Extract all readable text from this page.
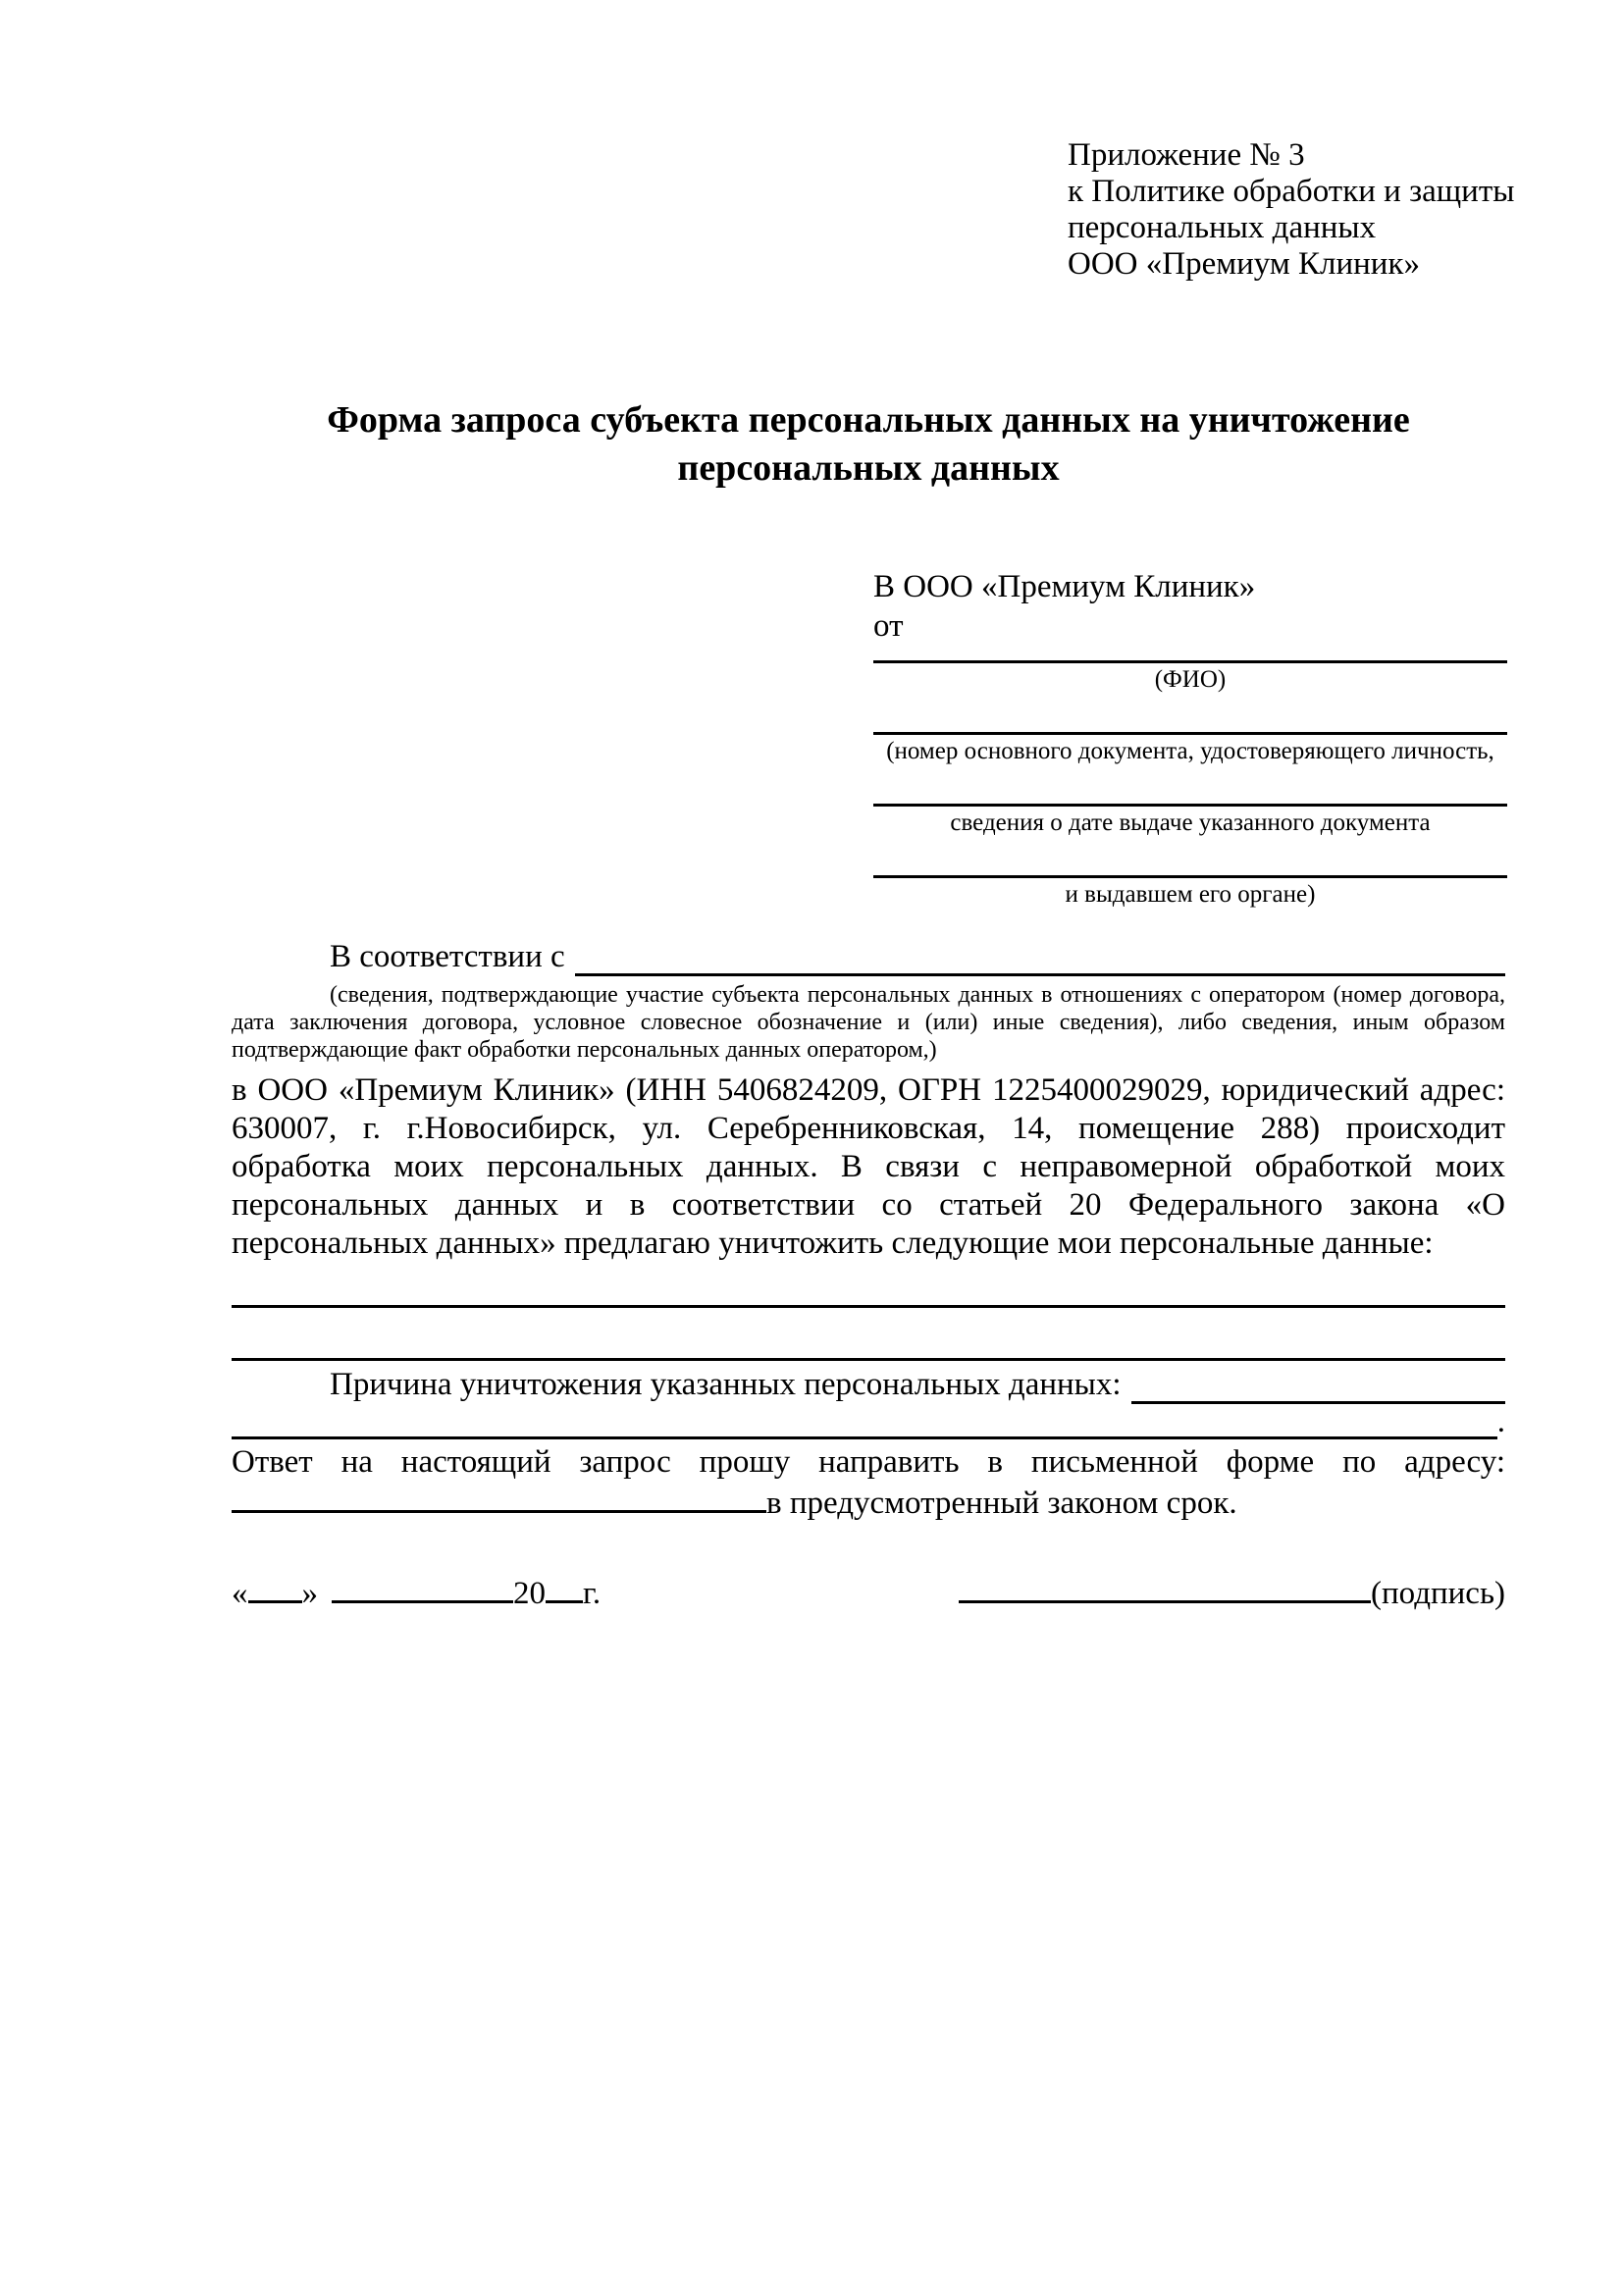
Приложение № 3
к Политике обработки и защиты
персональных данных
ООО «Премиум Клиник»
Форма запроса субъекта персональных данных на уничтожение
персональных данных
В ООО «Премиум Клиник»
от
(ФИО)
(номер основного документа, удостоверяющего личность,
сведения о дате выдаче указанного документа
и выдавшем его органе)
В соответствии с
(сведения, подтверждающие участие субъекта персональных данных в отношениях с оператором (номер договора, дата заключения договора, условное словесное обозначение и (или) иные сведения), либо сведения, иным образом подтверждающие факт обработки персональных данных оператором,)
в ООО «Премиум Клиник» (ИНН 5406824209, ОГРН 1225400029029, юридический адрес: 630007, г. г.Новосибирск, ул. Серебренниковская, 14, помещение 288) происходит обработка моих персональных данных. В связи с неправомерной обработкой моих персональных данных и в соответствии со статьей 20 Федерального закона «О персональных данных» предлагаю уничтожить следующие мои персональные данные:
Причина уничтожения указанных персональных данных:
.
Ответ на настоящий запрос прошу направить в письменной форме по адресу:
в предусмотренный законом срок.
« »	20 г.	(подпись)
